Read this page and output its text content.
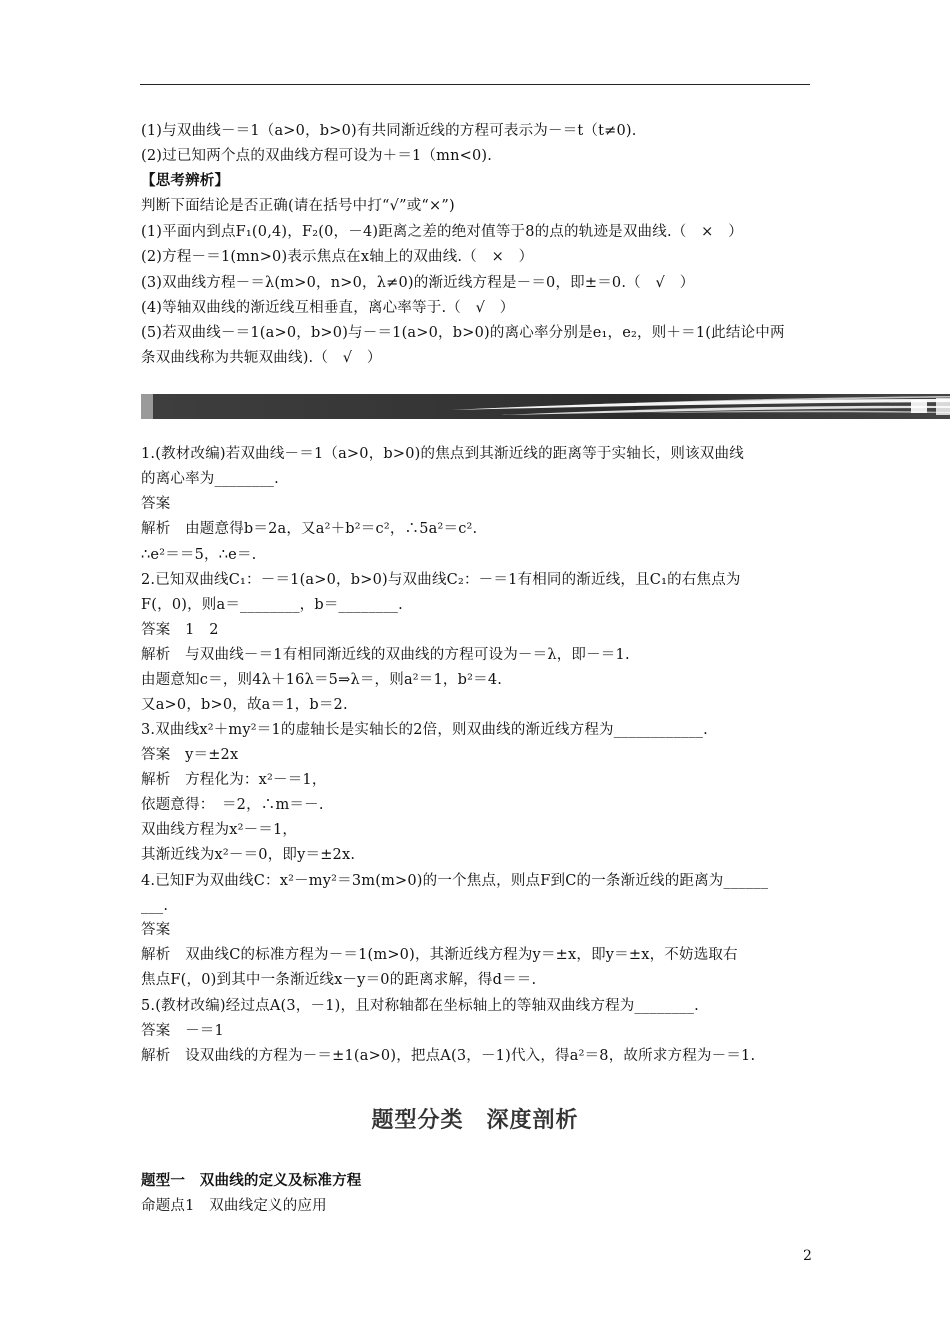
(1)与双曲线－＝1（a>0，b>0)有共同渐近线的方程可表示为－＝t（t≠0).
(2)过已知两个点的双曲线方程可设为＋＝1（mn<0).
【思考辨析】
判断下面结论是否正确(请在括号中打“√”或“×”)
(1)平面内到点F₁(0,4)，F₂(0，－4)距离之差的绝对值等于8的点的轨迹是双曲线.（　×　）
(2)方程－＝1(mn>0)表示焦点在x轴上的双曲线.（　×　）
(3)双曲线方程－＝λ(m>0，n>0，λ≠0)的渐近线方程是－＝0，即±＝0.（　√　）
(4)等轴双曲线的渐近线互相垂直，离心率等于.（　√　）
(5)若双曲线－＝1(a>0，b>0)与－＝1(a>0，b>0)的离心率分别是e₁，e₂，则＋＝1(此结论中两
条双曲线称为共轭双曲线).（　√　）
1.(教材改编)若双曲线－＝1（a>0，b>0)的焦点到其渐近线的距离等于实轴长，则该双曲线
的离心率为________.
答案
解析　由题意得b＝2a，又a²＋b²＝c²，∴5a²＝c².
∴e²＝＝5，∴e＝.
2.已知双曲线C₁：－＝1(a>0，b>0)与双曲线C₂：－＝1有相同的渐近线，且C₁的右焦点为
F(，0)，则a＝________，b＝________.
答案　1　2
解析　与双曲线－＝1有相同渐近线的双曲线的方程可设为－＝λ，即－＝1.
由题意知c＝，则4λ＋16λ＝5⇒λ＝，则a²＝1，b²＝4.
又a>0，b>0，故a＝1，b＝2.
3.双曲线x²＋my²＝1的虚轴长是实轴长的2倍，则双曲线的渐近线方程为____________.
答案　y＝±2x
解析　方程化为：x²－＝1，
依题意得：　＝2，∴m＝－.
双曲线方程为x²－＝1，
其渐近线为x²－＝0，即y＝±2x.
4.已知F为双曲线C：x²－my²＝3m(m>0)的一个焦点，则点F到C的一条渐近线的距离为______
___.
答案
解析　双曲线C的标准方程为－＝1(m>0)，其渐近线方程为y＝±x，即y＝±x，不妨选取右
焦点F(，0)到其中一条渐近线x－y＝0的距离求解，得d＝＝.
5.(教材改编)经过点A(3，－1)，且对称轴都在坐标轴上的等轴双曲线方程为________.
答案　－＝1
解析　设双曲线的方程为－＝±1(a>0)，把点A(3，－1)代入，得a²＝8，故所求方程为－＝1.
题型分类　深度剖析
题型一　双曲线的定义及标准方程
命题点1　双曲线定义的应用
2
